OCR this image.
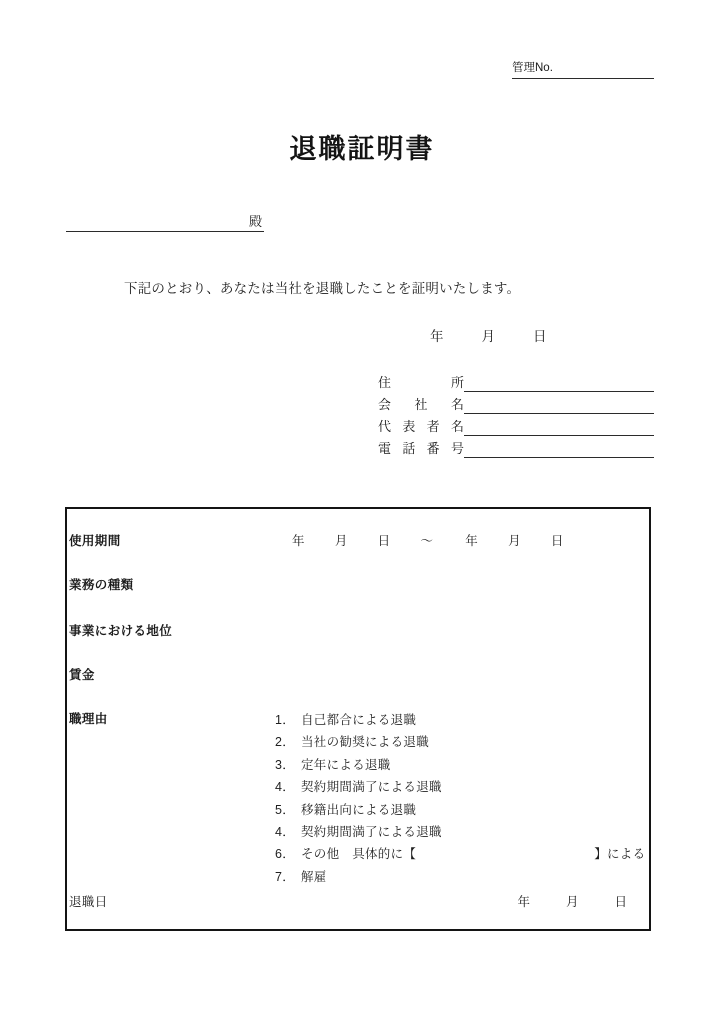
管理No.
退職証明書
殿
下記のとおり、あなたは当社を退職したことを証明いたします。
年	月	日
住所
会社名
代表者名
電話番号
使用期間	年 月 日 ～	年 月 日
業務の種類
事業における地位
賃金
職理由	1． 自己都合による退職
2． 当社の勧奨による退職
3． 定年による退職
4． 契約期間満了による退職
5． 移籍出向による退職
4． 契約期間満了による退職
6． その他　具体的に【	】による
7． 解雇
退職日	年	月	日
